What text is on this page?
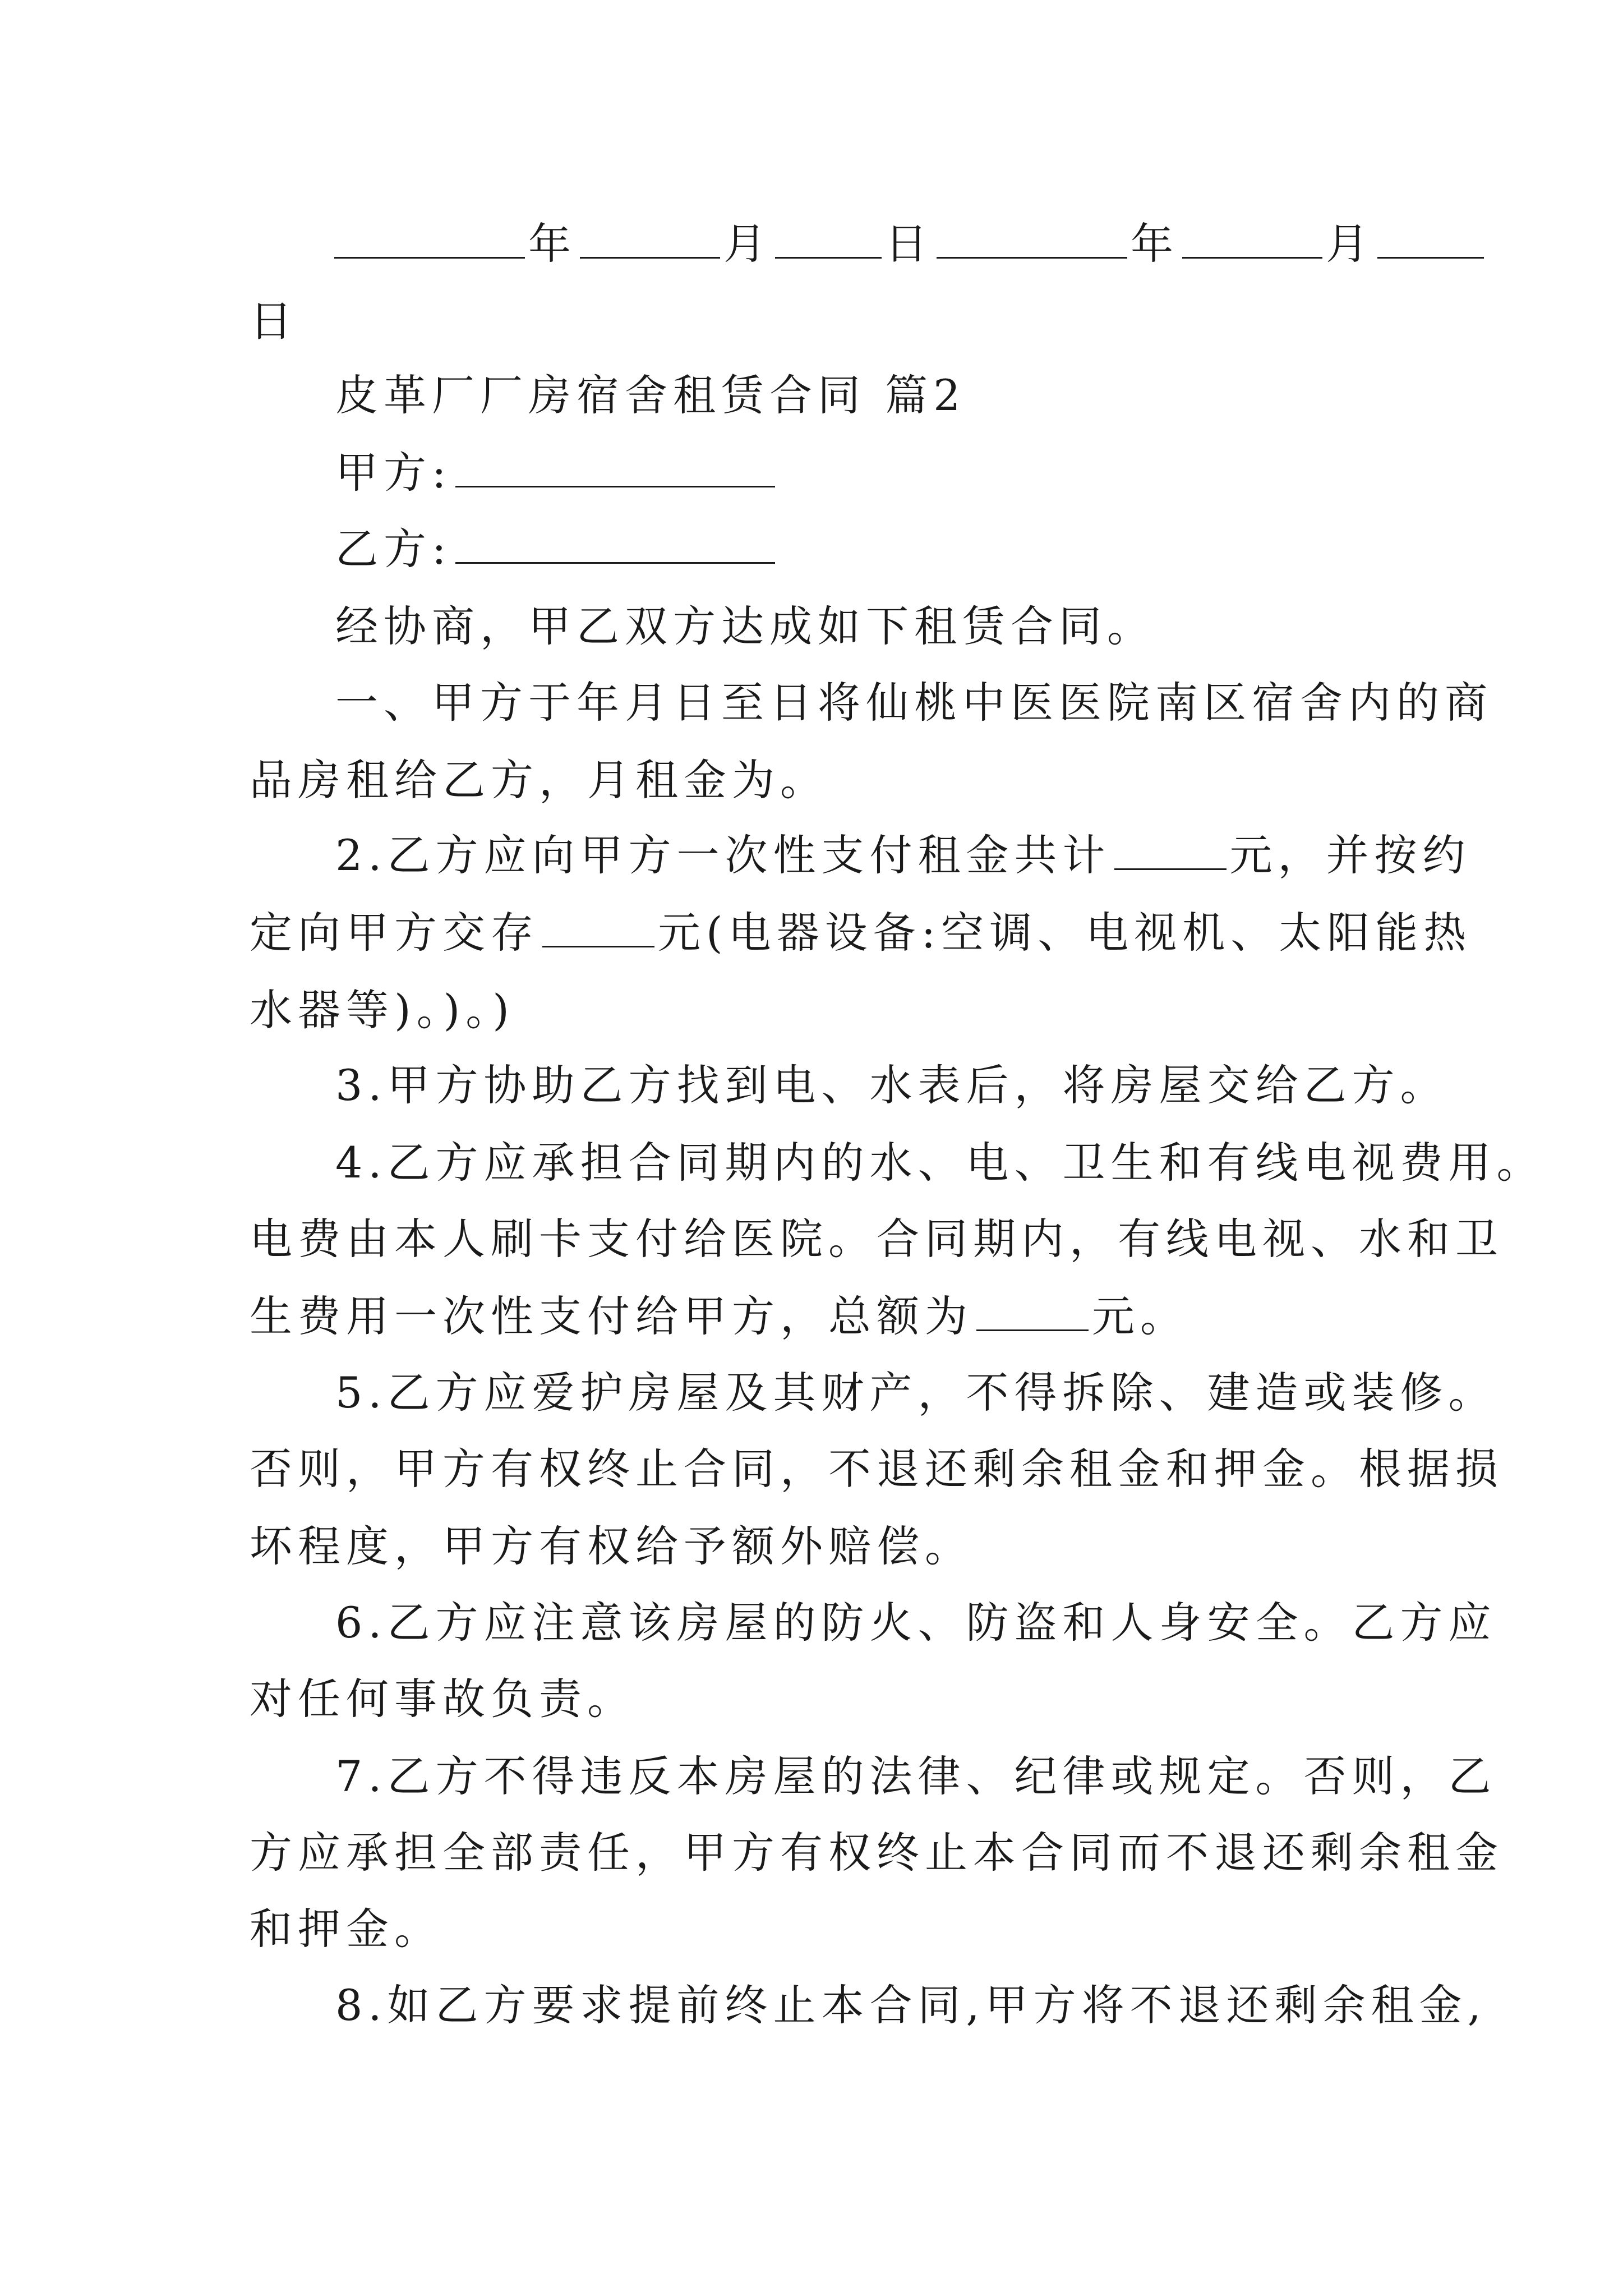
年	月	日	年	月
日
皮革厂厂房宿舍租赁合同 篇2
甲方:
乙方:
经协商，甲乙双方达成如下租赁合同。
一、甲方于年月日至日将仙桃中医医院南区宿舍内的商
品房租给乙方，月租金为。
2.乙方应向甲方一次性支付租金共计	元，并按约
定向甲方交存	元(电器设备:空调、电视机、太阳能热
水器等)。)。)
3.甲方协助乙方找到电、水表后，将房屋交给乙方。
4.乙方应承担合同期内的水、电、卫生和有线电视费用。
电费由本人刷卡支付给医院。合同期内，有线电视、水和卫
生费用一次性支付给甲方，总额为	元。
5.乙方应爱护房屋及其财产，不得拆除、建造或装修。
否则，甲方有权终止合同，不退还剩余租金和押金。根据损
坏程度，甲方有权给予额外赔偿。
6.乙方应注意该房屋的防火、防盗和人身安全。乙方应
对任何事故负责。
7.乙方不得违反本房屋的法律、纪律或规定。否则，乙
方应承担全部责任，甲方有权终止本合同而不退还剩余租金
和押金。
8.如乙方要求提前终止本合同,甲方将不退还剩余租金,
